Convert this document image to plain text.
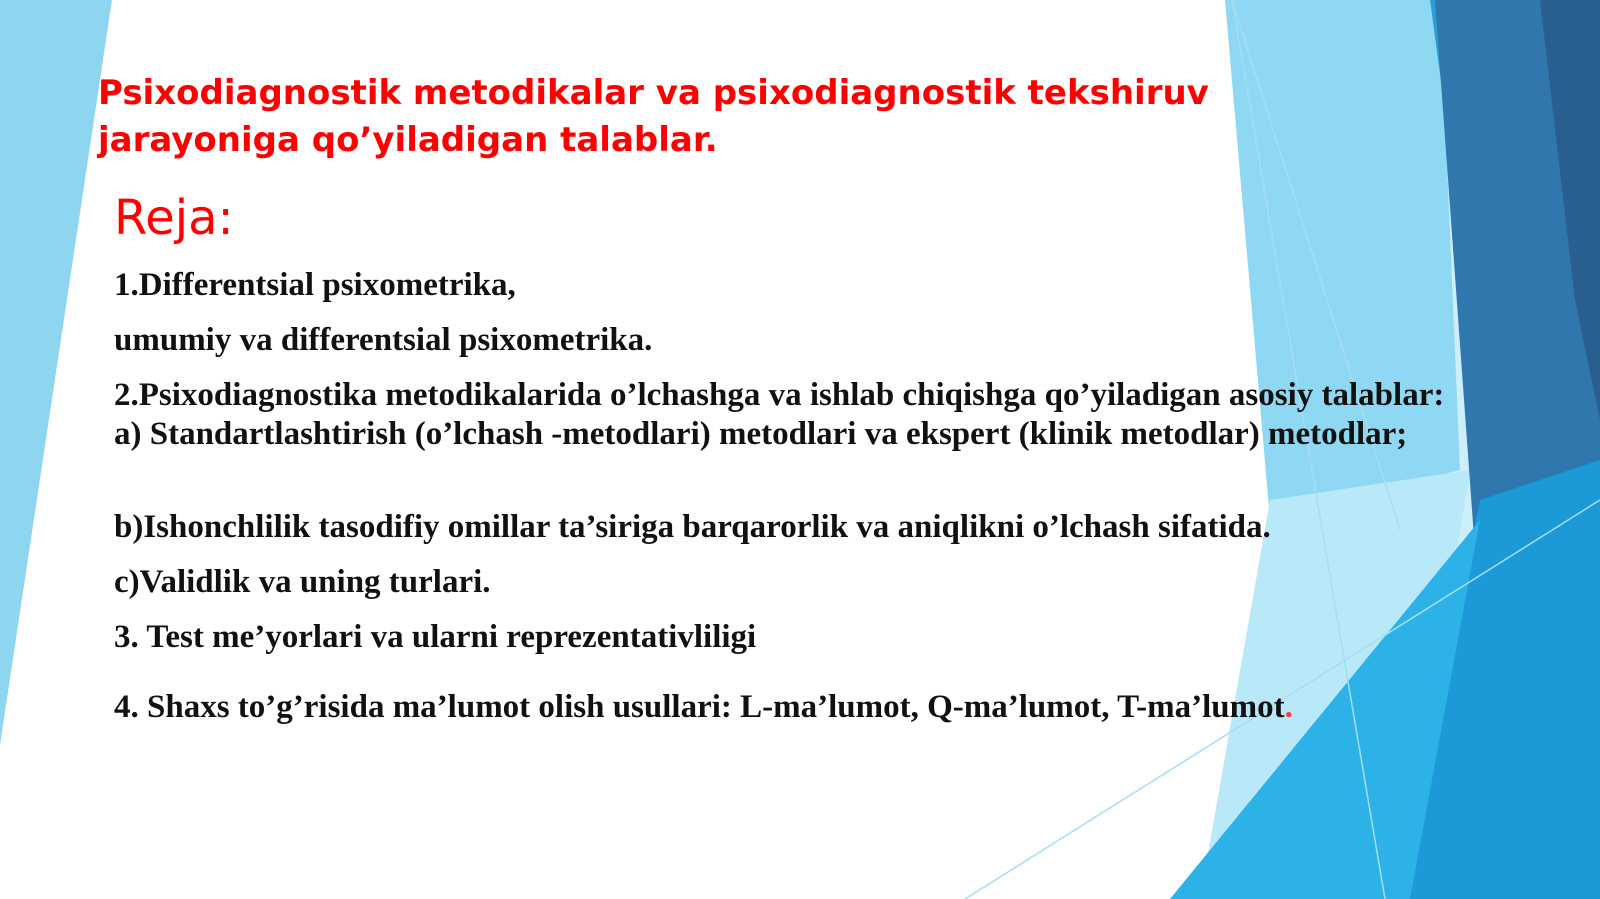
Psixodiagnostik metodikalar va psixodiagnostik tekshiruv jarayoniga qo’yiladigan talablar.
Reja:

1.Differentsial psixometrika,

umumiy va differentsial psixometrika.

2.Psixodiagnostika metodikalarida o’lchashga va ishlab chiqishga qo’yiladigan asosiy talablar: a) Standartlashtirish (o’lchash -metodlari) metodlari va ekspert (klinik metodlar) metodlar;

b)Ishonchlilik tasodifiy omillar ta’siriga barqarorlik va aniqlikni o’lchash sifatida.

c)Validlik va uning turlari.

3. Test me’yorlari va ularni reprezentativliligi

4. Shaxs to’g’risida ma’lumot olish usullari: L-ma’lumot, Q-ma’lumot, T-ma’lumot.
